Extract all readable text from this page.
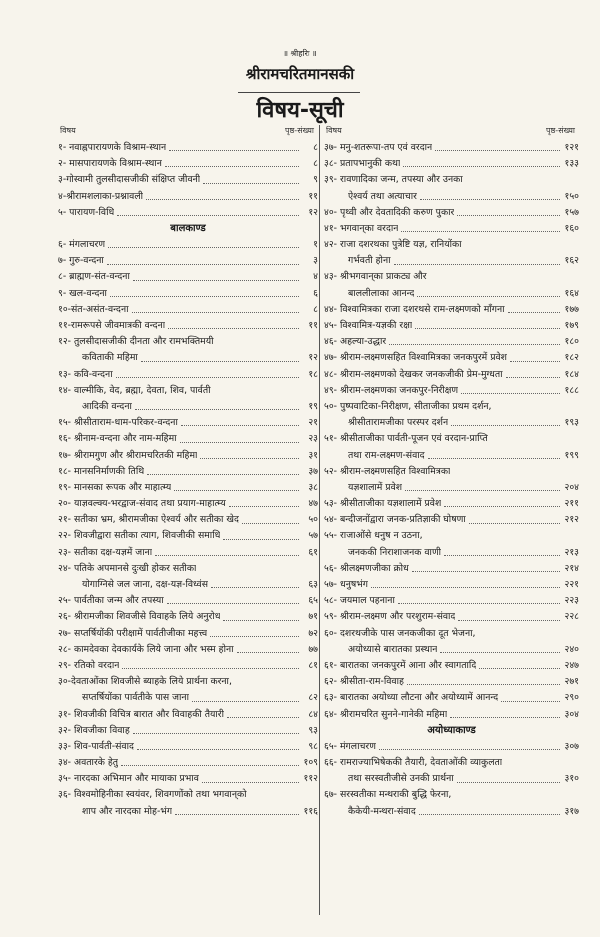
॥ श्रीहरिः ॥
श्रीरामचरितमानसकी
विषय-सूची
विषय	पृष्ठ-संख्या
१- नवाह्नपारायणके विश्राम-स्थान	८
२- मासपारायणके विश्राम-स्थान	८
३-गोस्वामी तुलसीदासजीकी संक्षिप्त जीवनी	९
४-श्रीरामशलाका-प्रश्नावली	११
५- पारायण-विधि	१२
बालकाण्ड
६- मंगलाचरण	१
७- गुरु-वन्दना	३
८- ब्राह्मण-संत-वन्दना	४
९- खल-वन्दना	६
१०-संत-असंत-वन्दना	८
११-रामरूपसे जीवमात्रकी वन्दना	११
१२- तुलसीदासजीकी दीनता और रामभक्तिमयी
कविताकी महिमा	१२
१३- कवि-वन्दना	१८
१४- वाल्मीकि, वेद, ब्रह्मा, देवता, शिव, पार्वती
आदिकी वन्दना	१९
१५- श्रीसीताराम-धाम-परिकर-वन्दना	२१
१६- श्रीनाम-वन्दना और नाम-महिमा	२३
१७- श्रीरामगुण और श्रीरामचरितकी महिमा	३१
१८- मानसनिर्माणकी तिथि	३७
१९- मानसका रूपक और माहात्म्य	३८
२०- याज्ञवल्क्य-भरद्वाज-संवाद तथा प्रयाग-माहात्म्य	४७
२१- सतीका भ्रम, श्रीरामजीका ऐश्वर्य और सतीका खेद	५०
२२- शिवजीद्वारा सतीका त्याग, शिवजीकी समाधि	५७
२३- सतीका दक्ष-यज्ञमें जाना	६१
२४- पतिके अपमानसे दुःखी होकर सतीका
योगाग्निसे जल जाना, दक्ष-यज्ञ-विध्वंस	६३
२५- पार्वतीका जन्म और तपस्या	६५
२६- श्रीरामजीका शिवजीसे विवाहके लिये अनुरोध	७१
२७- सप्तर्षियोंकी परीक्षामें पार्वतीजीका महत्त्व	७२
२८- कामदेवका देवकार्यके लिये जाना और भस्म होना	७७
२९- रतिको वरदान	८१
३०-देवताओंका शिवजीसे ब्याहके लिये प्रार्थना करना,
सप्तर्षियोंका पार्वतीके पास जाना	८२
३१- शिवजीकी विचित्र बारात और विवाहकी तैयारी	८४
३२- शिवजीका विवाह	९३
३३- शिव-पार्वती-संवाद	९८
३४- अवतारके हेतु	१०९
३५- नारदका अभिमान और मायाका प्रभाव	११२
३६- विश्वमोहिनीका स्वयंवर, शिवगणोंको तथा भगवान्‌को
शाप और नारदका मोह-भंग	११६
विषय	पृष्ठ-संख्या
३७- मनु-शतरूपा-तप एवं वरदान	१२१
३८- प्रतापभानुकी कथा	१३३
३९- रावणादिका जन्म, तपस्या और उनका
ऐश्वर्य तथा अत्याचार	१५०
४०- पृथ्वी और देवतादिकी करुण पुकार	१५७
४१- भगवान्‌का वरदान	१६०
४२- राजा दशरथका पुत्रेष्टि यज्ञ, रानियोंका
गर्भवती होना	१६२
४३- श्रीभगवान्‌का प्राकट्य और
बाललीलाका आनन्द	१६४
४४- विश्वामित्रका राजा दशरथसे राम-लक्ष्मणको माँगना	१७७
४५- विश्वामित्र-यज्ञकी रक्षा	१७९
४६- अहल्या-उद्धार	१८०
४७- श्रीराम-लक्ष्मणसहित विश्वामित्रका जनकपुरमें प्रवेश	१८२
४८- श्रीराम-लक्ष्मणको देखकर जनकजीकी प्रेम-मुग्धता	१८४
४९- श्रीराम-लक्ष्मणका जनकपुर-निरीक्षण	१८८
५०- पुष्पवाटिका-निरीक्षण, सीताजीका प्रथम दर्शन,
श्रीसीतारामजीका परस्पर दर्शन	१९३
५१- श्रीसीताजीका पार्वती-पूजन एवं वरदान-प्राप्ति
तथा राम-लक्ष्मण-संवाद	१९९
५२- श्रीराम-लक्ष्मणसहित विश्वामित्रका
यज्ञशालामें प्रवेश	२०४
५३- श्रीसीताजीका यज्ञशालामें प्रवेश	२११
५४- बन्दीजनोंद्वारा जनक-प्रतिज्ञाकी घोषणा	२१२
५५- राजाओंसे धनुष न उठना,
जनककी निराशाजनक वाणी	२१३
५६- श्रीलक्ष्मणजीका क्रोध	२१४
५७- धनुषभंग	२२१
५८- जयमाल पहनाना	२२३
५९- श्रीराम-लक्ष्मण और परशुराम-संवाद	२२८
६०- दशरथजीके पास जनकजीका दूत भेजना,
अयोध्यासे बारातका प्रस्थान	२४०
६१- बारातका जनकपुरमें आना और स्वागतादि	२४७
६२- श्रीसीता-राम-विवाह	२७१
६३- बारातका अयोध्या लौटना और अयोध्यामें आनन्द	२९०
६४- श्रीरामचरित सुनने-गानेकी महिमा	३०४
अयोध्याकाण्ड
६५- मंगलाचरण	३०७
६६- रामराज्याभिषेककी तैयारी, देवताओंकी व्याकुलता
तथा सरस्वतीजीसे उनकी प्रार्थना	३१०
६७- सरस्वतीका मन्थराकी बुद्धि फेरना,
कैकेयी-मन्थरा-संवाद	३१७
